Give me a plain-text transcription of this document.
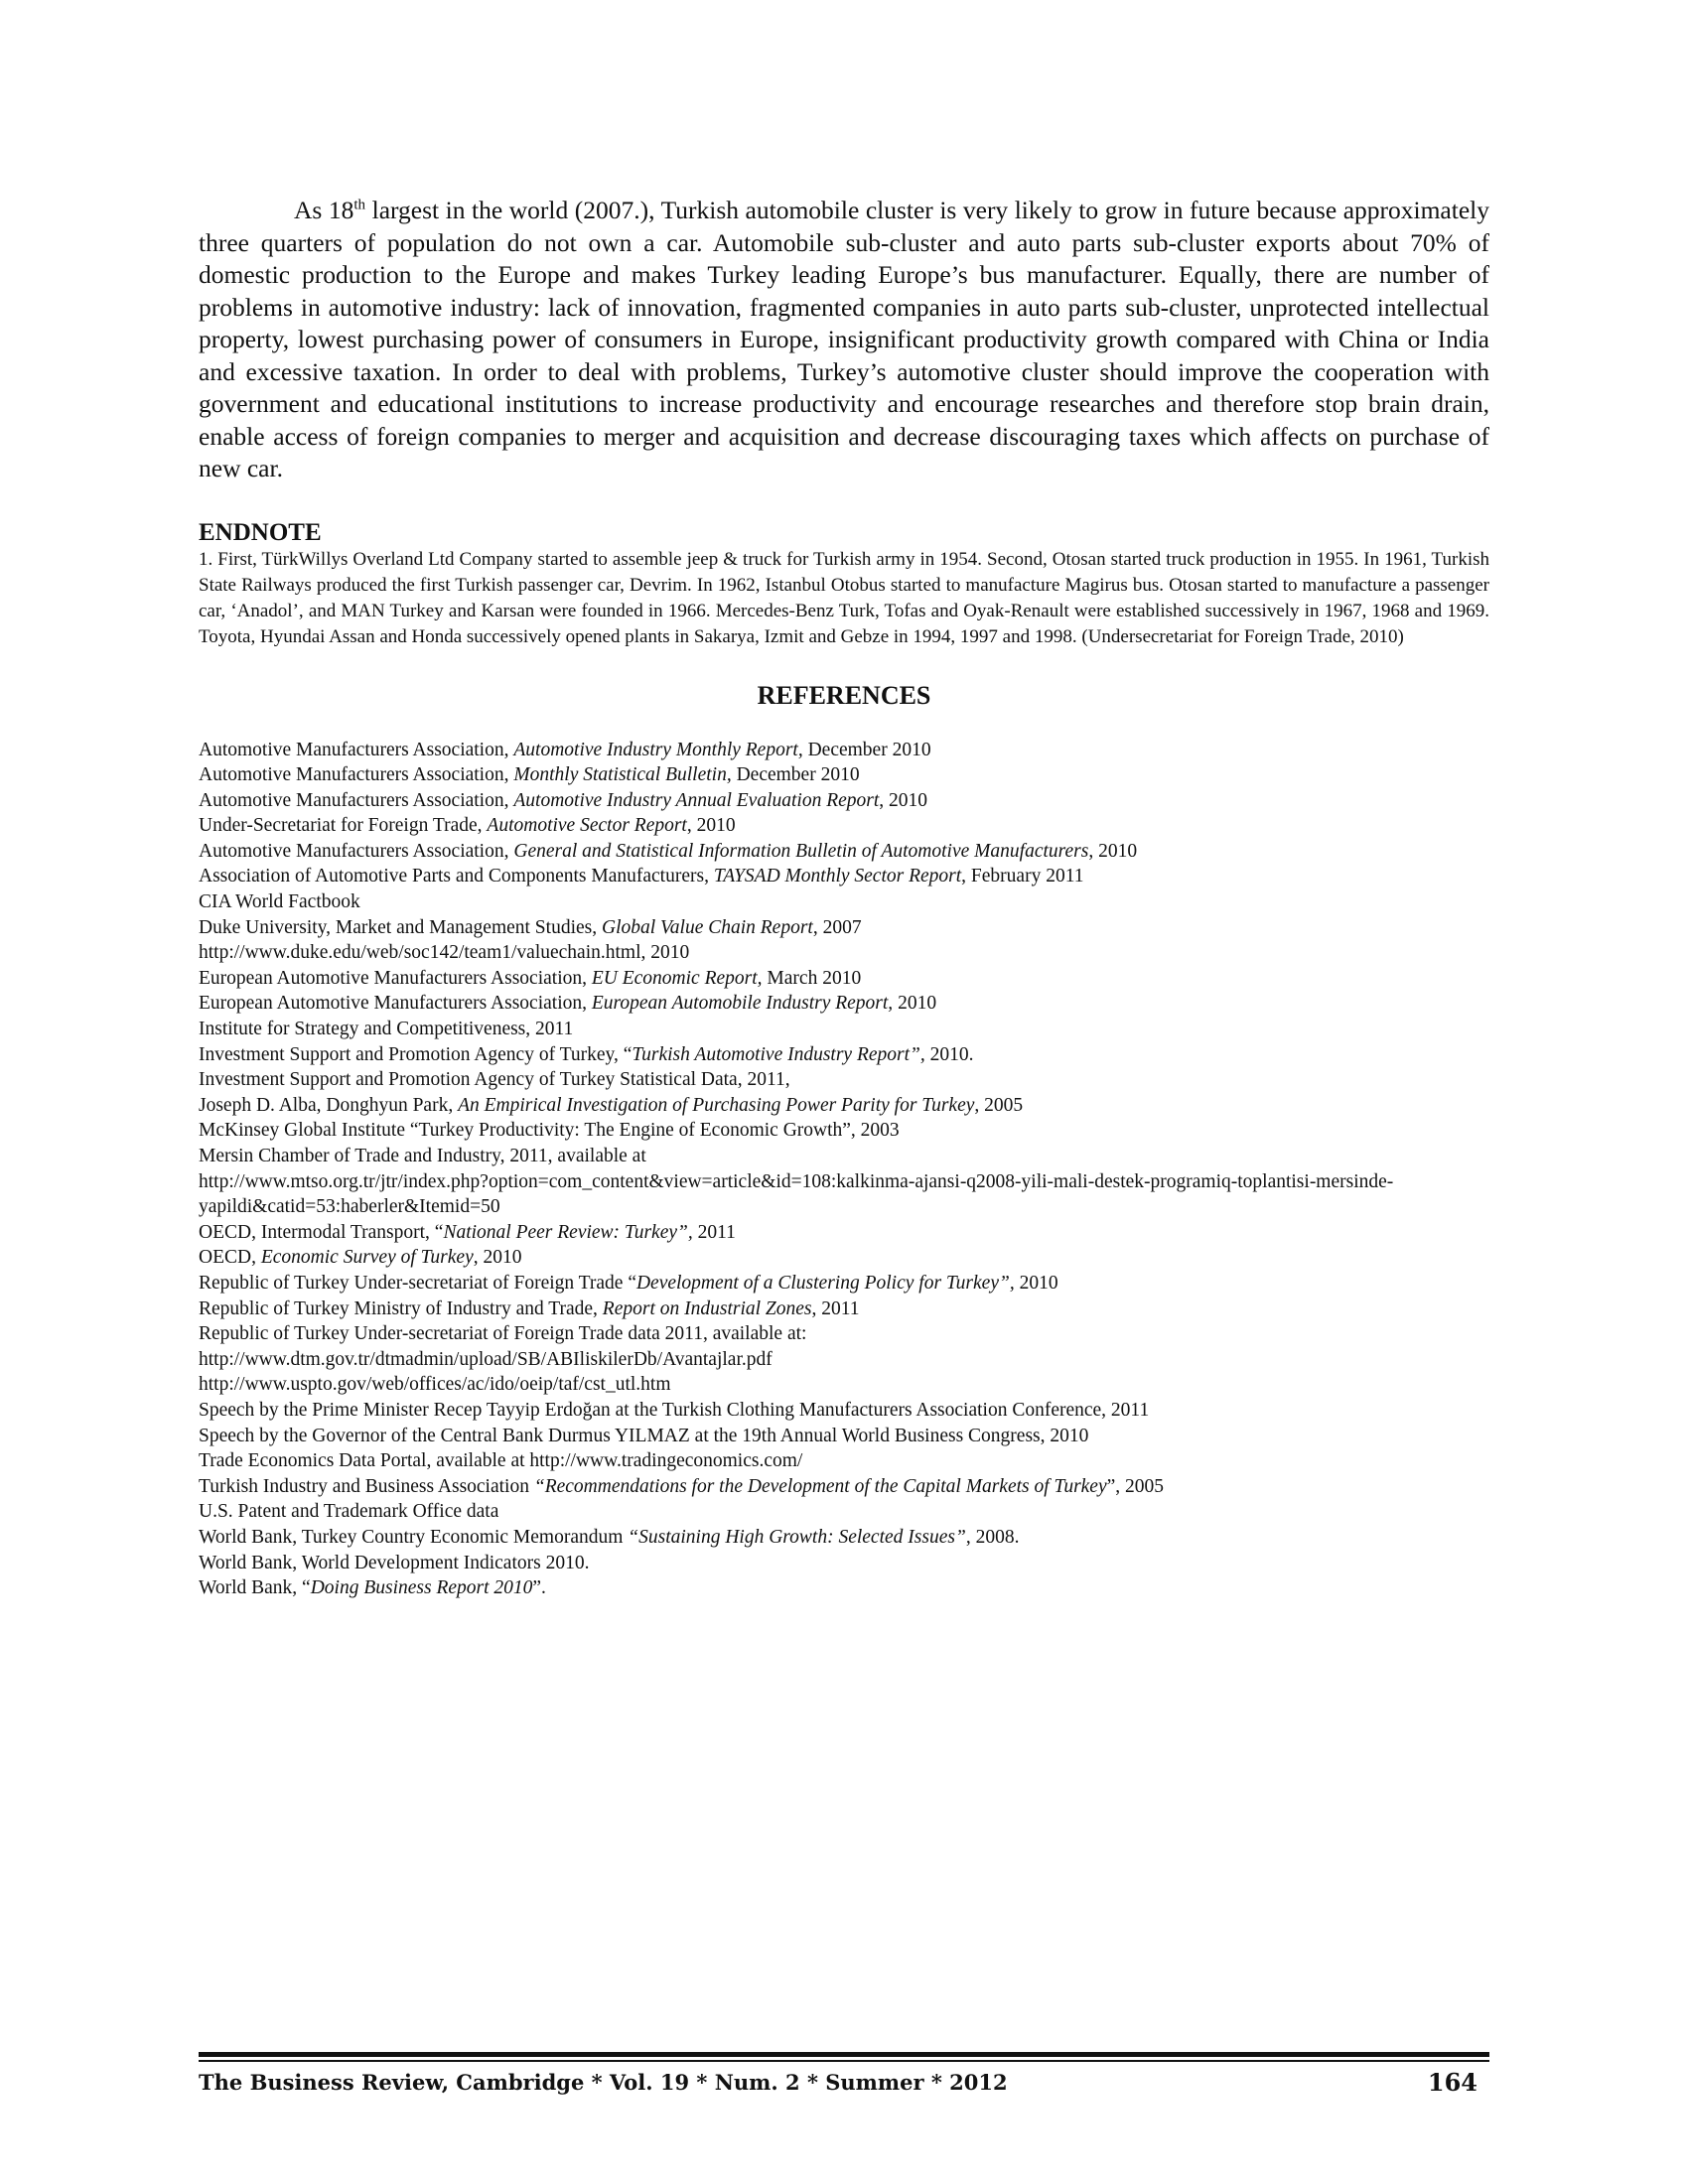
As 18th largest in the world (2007.), Turkish automobile cluster is very likely to grow in future because approximately three quarters of population do not own a car. Automobile sub-cluster and auto parts sub-cluster exports about 70% of domestic production to the Europe and makes Turkey leading Europe’s bus manufacturer. Equally, there are number of problems in automotive industry: lack of innovation, fragmented companies in auto parts sub-cluster, unprotected intellectual property, lowest purchasing power of consumers in Europe, insignificant productivity growth compared with China or India and excessive taxation. In order to deal with problems, Turkey’s automotive cluster should improve the cooperation with government and educational institutions to increase productivity and encourage researches and therefore stop brain drain, enable access of foreign companies to merger and acquisition and decrease discouraging taxes which affects on purchase of new car.

ENDNOTE

1. First, TürkWillys Overland Ltd Company started to assemble jeep & truck for Turkish army in 1954. Second, Otosan started truck production in 1955. In 1961, Turkish State Railways produced the first Turkish passenger car, Devrim. In 1962, Istanbul Otobus started to manufacture Magirus bus. Otosan started to manufacture a passenger car, ‘Anadol’, and MAN Turkey and Karsan were founded in 1966. Mercedes-Benz Turk, Tofas and Oyak-Renault were established successively in 1967, 1968 and 1969. Toyota, Hyundai Assan and Honda successively opened plants in Sakarya, Izmit and Gebze in 1994, 1997 and 1998. (Undersecretariat for Foreign Trade, 2010)

REFERENCES
Automotive Manufacturers Association, Automotive Industry Monthly Report, December 2010
Automotive Manufacturers Association, Monthly Statistical Bulletin, December 2010
Automotive Manufacturers Association, Automotive Industry Annual Evaluation Report, 2010
Under-Secretariat for Foreign Trade, Automotive Sector Report, 2010
Automotive Manufacturers Association, General and Statistical Information Bulletin of Automotive Manufacturers, 2010
Association of Automotive Parts and Components Manufacturers, TAYSAD Monthly Sector Report, February 2011
CIA World Factbook
Duke University, Market and Management Studies, Global Value Chain Report, 2007
http://www.duke.edu/web/soc142/team1/valuechain.html, 2010
European Automotive Manufacturers Association, EU Economic Report, March 2010
European Automotive Manufacturers Association, European Automobile Industry Report, 2010
Institute for Strategy and Competitiveness, 2011
Investment Support and Promotion Agency of Turkey, “Turkish Automotive Industry Report”, 2010.
Investment Support and Promotion Agency of Turkey Statistical Data, 2011,
Joseph D. Alba, Donghyun Park, An Empirical Investigation of Purchasing Power Parity for Turkey, 2005
McKinsey Global Institute “Turkey Productivity: The Engine of Economic Growth”, 2003
Mersin Chamber of Trade and Industry, 2011, available at
http://www.mtso.org.tr/jtr/index.php?option=com_content&view=article&id=108:kalkinma-ajansi-q2008-yili-mali-destek-programiq-toplantisi-mersinde-yapildi&catid=53:haberler&Itemid=50
OECD, Intermodal Transport, “National Peer Review: Turkey”, 2011
OECD, Economic Survey of Turkey, 2010
Republic of Turkey Under-secretariat of Foreign Trade “Development of a Clustering Policy for Turkey”, 2010
Republic of Turkey Ministry of Industry and Trade, Report on Industrial Zones, 2011
Republic of Turkey Under-secretariat of Foreign Trade data 2011, available at:
http://www.dtm.gov.tr/dtmadmin/upload/SB/ABIliskilerDb/Avantajlar.pdf
http://www.uspto.gov/web/offices/ac/ido/oeip/taf/cst_utl.htm
Speech by the Prime Minister Recep Tayyip Erdoğan at the Turkish Clothing Manufacturers Association Conference, 2011
Speech by the Governor of the Central Bank Durmus YILMAZ at the 19th Annual World Business Congress, 2010
Trade Economics Data Portal, available at http://www.tradingeconomics.com/
Turkish Industry and Business Association “Recommendations for the Development of the Capital Markets of Turkey”, 2005
U.S. Patent and Trademark Office data
World Bank, Turkey Country Economic Memorandum “Sustaining High Growth: Selected Issues”, 2008.
World Bank, World Development Indicators 2010.
World Bank, “Doing Business Report 2010”.
The Business Review, Cambridge * Vol. 19 * Num. 2 * Summer * 2012	164
